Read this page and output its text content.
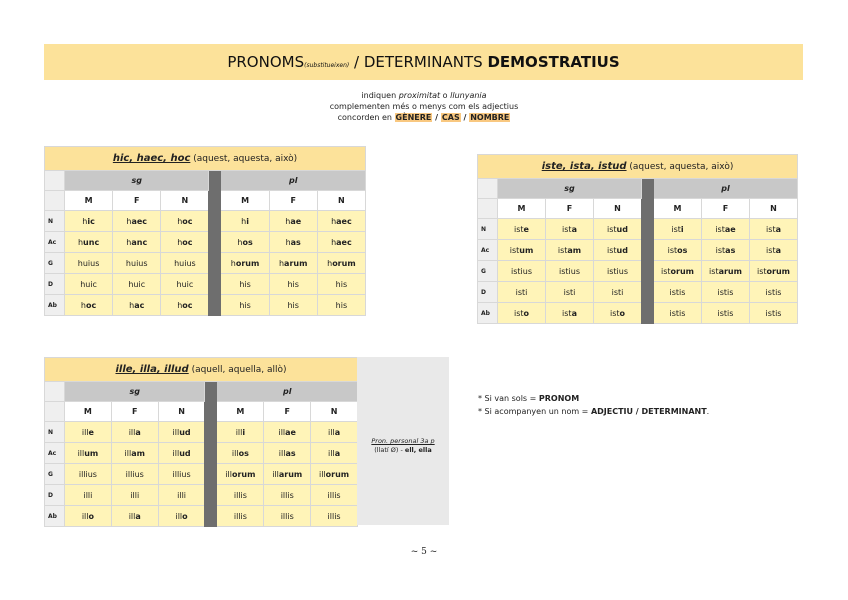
PRONOMS(substitueixen) / DETERMINANTS DEMOSTRATIUS
indiquen proximitat o llunyania
complementen més o menys com els adjectius
concorden en GÈNERE / CAS / NOMBRE
hic, haec, hoc (aquest, aquesta, això)							
	sg				pl		
	M	F	N		M	F	N
N	hic	haec	hoc		hi	hae	haec
Ac	hunc	hanc	hoc		hos	has	haec
G	huius	huius	huius		horum	harum	horum
D	huic	huic	huic		his	his	his
Ab	hoc	hac	hoc		his	his	his
iste, ista, istud (aquest, aquesta, això)							
	sg				pl		
	M	F	N		M	F	N
N	iste	ista	istud		isti	istae	ista
Ac	istum	istam	istud		istos	istas	ista
G	istius	istius	istius		istorum	istarum	istorum
D	isti	isti	isti		istis	istis	istis
Ab	isto	ista	isto		istis	istis	istis
ille, illa, illud (aquell, aquella, allò)							
	sg				pl		
	M	F	N		M	F	N
N	ille	illa	illud		illi	illae	illa
Ac	illum	illam	illud		illos	illas	illa
G	illius	illius	illius		illorum	illarum	illorum
D	illi	illi	illi		illis	illis	illis
Ab	illo	illa	illo		illis	illis	illis
Pron. personal 3a p
(llatí Ø) - ell, ella
* Si van sols = PRONOM
* Si acompanyen un nom = ADJECTIU / DETERMINANT.
~ 5 ~
